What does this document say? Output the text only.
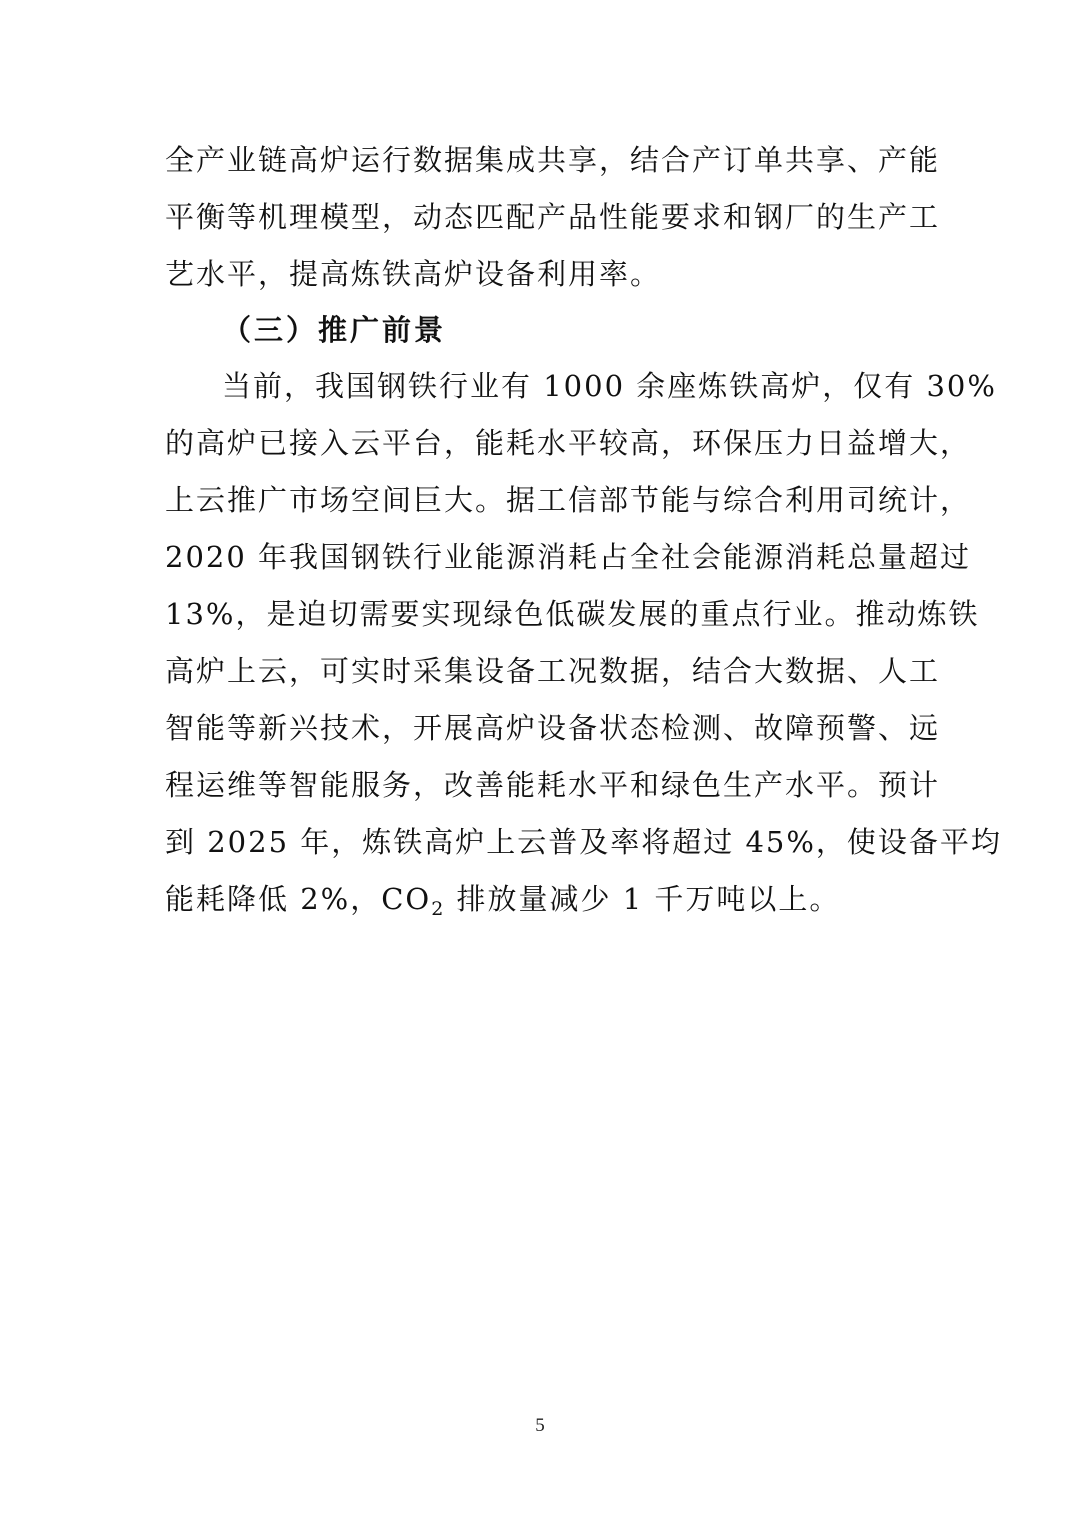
全产业链高炉运行数据集成共享，结合产订单共享、产能
平衡等机理模型，动态匹配产品性能要求和钢厂的生产工
艺水平，提高炼铁高炉设备利用率。
（三）推广前景
当前，我国钢铁行业有 1000 余座炼铁高炉，仅有 30%
的高炉已接入云平台，能耗水平较高，环保压力日益增大，
上云推广市场空间巨大。据工信部节能与综合利用司统计，
2020 年我国钢铁行业能源消耗占全社会能源消耗总量超过
13%，是迫切需要实现绿色低碳发展的重点行业。推动炼铁
高炉上云，可实时采集设备工况数据，结合大数据、人工
智能等新兴技术，开展高炉设备状态检测、故障预警、远
程运维等智能服务，改善能耗水平和绿色生产水平。预计
到 2025 年，炼铁高炉上云普及率将超过 45%，使设备平均
能耗降低 2%，$CO_2$ 排放量减少 1 千万吨以上。
5
